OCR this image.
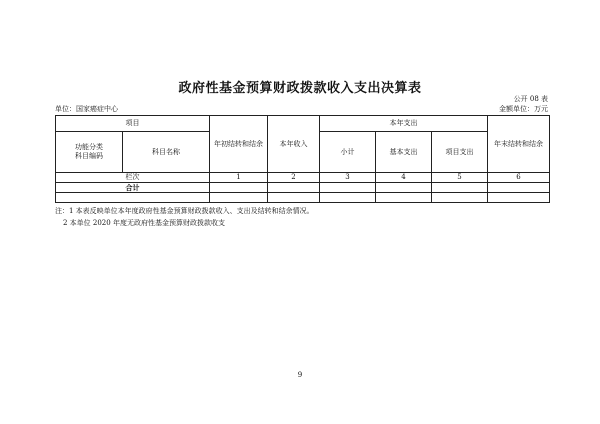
政府性基金预算财政拨款收入支出决算表
公开 08 表
单位：国家癌症中心	金额单位：万元
项目		年初结转和结余	本年收入	本年支出			年末结转和结余

功能分类
科目编码	科目名称			小计	基本支出	项目支出	
栏次		1	2	3	4	5	6
合计							

注：1 本表反映单位本年度政府性基金预算财政拨款收入、支出及结转和结余情况。
2 本单位 2020 年度无政府性基金预算财政拨款收支
9
